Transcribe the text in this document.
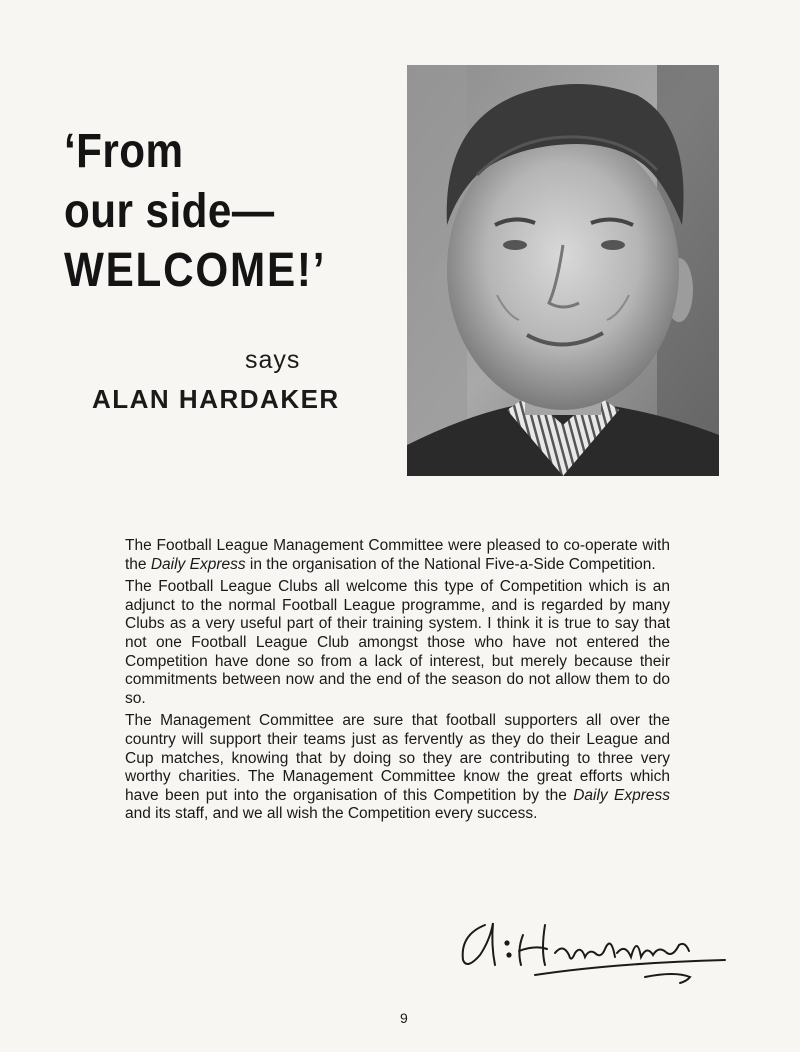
‘From
our side—
WELCOME!’
says
ALAN HARDAKER

The Football League Management Committee were pleased to co-operate with the Daily Express in the organisation of the National Five-a-Side Competition.

The Football League Clubs all welcome this type of Competition which is an adjunct to the normal Football League programme, and is regarded by many Clubs as a very useful part of their training system. I think it is true to say that not one Football League Club amongst those who have not entered the Competition have done so from a lack of interest, but merely because their commitments between now and the end of the season do not allow them to do so.

The Management Committee are sure that football supporters all over the country will support their teams just as fervently as they do their League and Cup matches, knowing that by doing so they are contributing to three very worthy charities. The Management Committee know the great efforts which have been put into the organisation of this Competition by the Daily Express and its staff, and we all wish the Competition every success.

9
